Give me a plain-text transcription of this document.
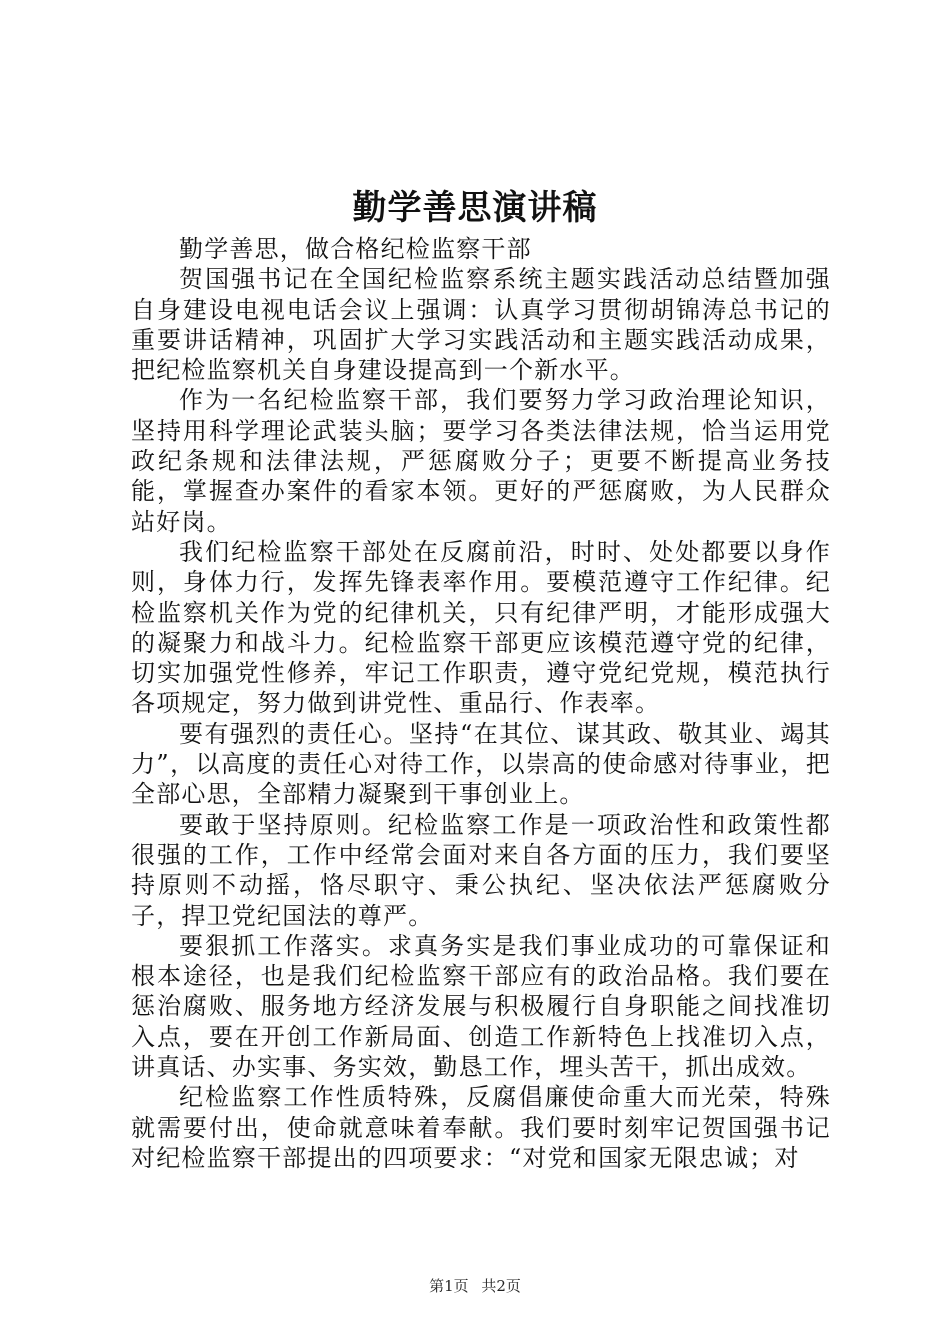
勤学善思演讲稿

勤学善思，做合格纪检监察干部

贺国强书记在全国纪检监察系统主题实践活动总结暨加强自身建设电视电话会议上强调：认真学习贯彻胡锦涛总书记的重要讲话精神，巩固扩大学习实践活动和主题实践活动成果，把纪检监察机关自身建设提高到一个新水平。

作为一名纪检监察干部，我们要努力学习政治理论知识，坚持用科学理论武装头脑；要学习各类法律法规，恰当运用党政纪条规和法律法规，严惩腐败分子；更要不断提高业务技能，掌握查办案件的看家本领。更好的严惩腐败，为人民群众站好岗。

我们纪检监察干部处在反腐前沿，时时、处处都要以身作则，身体力行，发挥先锋表率作用。要模范遵守工作纪律。纪检监察机关作为党的纪律机关，只有纪律严明，才能形成强大的凝聚力和战斗力。纪检监察干部更应该模范遵守党的纪律，切实加强党性修养，牢记工作职责，遵守党纪党规，模范执行各项规定，努力做到讲党性、重品行、作表率。

要有强烈的责任心。坚持“在其位、谋其政、敬其业、竭其力”，以高度的责任心对待工作，以崇高的使命感对待事业，把全部心思，全部精力凝聚到干事创业上。

要敢于坚持原则。纪检监察工作是一项政治性和政策性都很强的工作，工作中经常会面对来自各方面的压力，我们要坚持原则不动摇，恪尽职守、秉公执纪、坚决依法严惩腐败分子，捍卫党纪国法的尊严。

要狠抓工作落实。求真务实是我们事业成功的可靠保证和根本途径，也是我们纪检监察干部应有的政治品格。我们要在惩治腐败、服务地方经济发展与积极履行自身职能之间找准切入点，要在开创工作新局面、创造工作新特色上找准切入点，讲真话、办实事、务实效，勤恳工作，埋头苦干，抓出成效。

纪检监察工作性质特殊，反腐倡廉使命重大而光荣，特殊就需要付出，使命就意味着奉献。我们要时刻牢记贺国强书记对纪检监察干部提出的四项要求：“对党和国家无限忠诚；对

第1页 共2页
